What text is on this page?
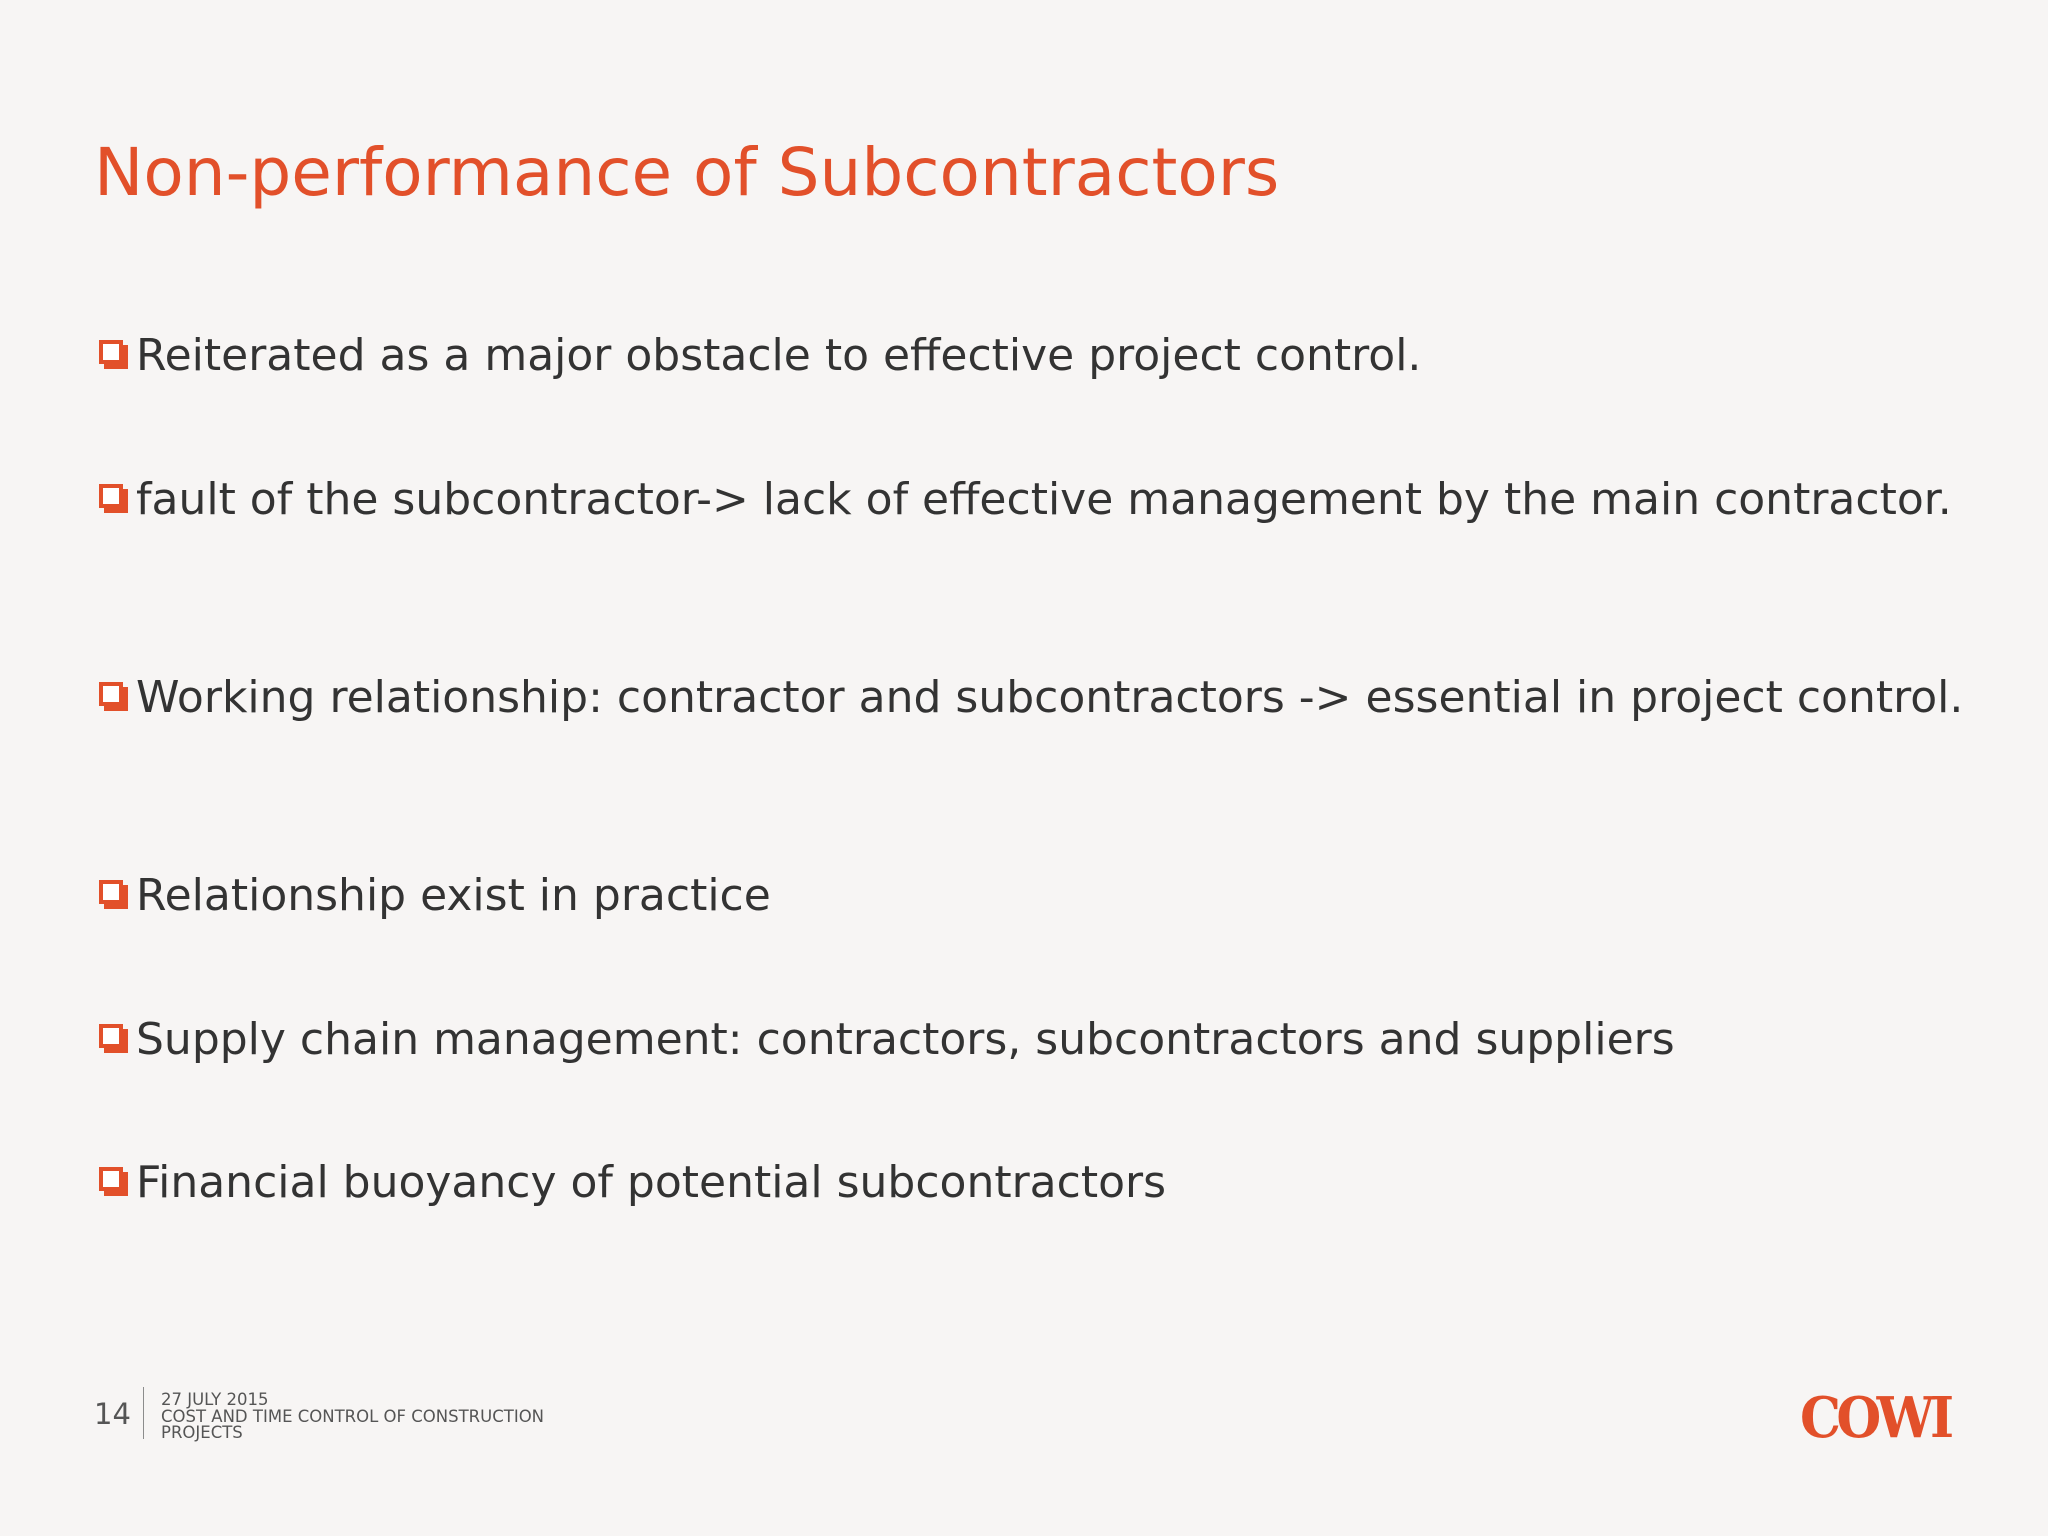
Non-performance of Subcontractors
Reiterated as a major obstacle to effective project control.
fault of the subcontractor-> lack of effective management by the main contractor.
Working relationship: contractor and subcontractors -> essential in project control.
Relationship exist in practice
Supply chain management: contractors, subcontractors and suppliers
Financial buoyancy of potential subcontractors
14 27 JULY 2015
COST AND TIME CONTROL OF CONSTRUCTION PROJECTS	COWI
